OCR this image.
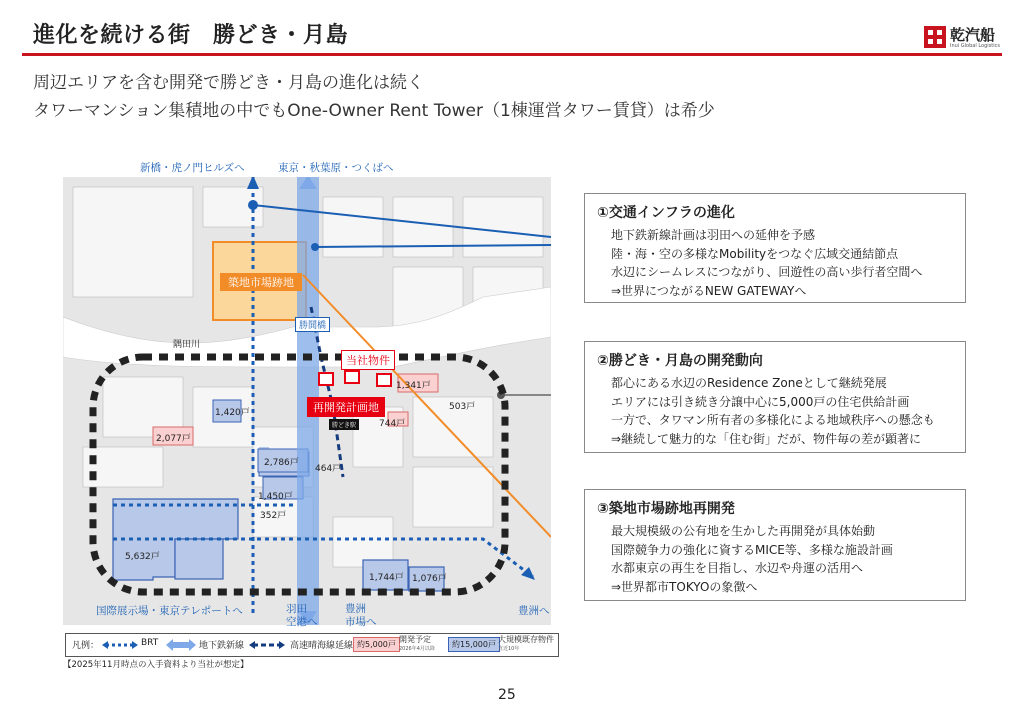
進化を続ける街　勝どき・月島	乾汽船
Inui Global Logistics
周辺エリアを含む開発で勝どき・月島の進化は続く
タワーマンション集積地の中でもOne-Owner Rent Tower（1棟運営タワー賃貸）は希少
新橋・虎ノ門ヒルズへ	東京・秋葉原・つくばへ
築地市場跡地
隅田川
勝鬨橋
当社物件
再開発計画地
勝どき駅
1,341戸
503戸
744戸
1,420戸
2,077戸
2,786戸
464戸
1,450戸
352戸
5,632戸
1,744戸 1,076戸
国際展示場・東京テレポートへ	羽田
空港へ
豊洲
市場へ
豊洲へ
①交通インフラの進化
地下鉄新線計画は羽田への延伸を予感
陸・海・空の多様なMobilityをつなぐ広域交通結節点
水辺にシームレスにつながり、回遊性の高い歩行者空間へ
⇒世界につながるNEW GATEWAYへ
②勝どき・月島の開発動向
都心にある水辺のResidence Zoneとして継続発展
エリアには引き続き分譲中心に5,000戸の住宅供給計画
一方で、タワマン所有者の多様化による地域秩序への懸念も
⇒継続して魅力的な「住む街」だが、物件毎の差が顕著に
③築地市場跡地再開発
最大規模級の公有地を生かした再開発が具体始動
国際競争力の強化に資するMICE等、多様な施設計画
水都東京の再生を目指し、水辺や舟運の活用へ
⇒世界都市TOKYOの象徴へ
凡例：	BRT	地下鉄新線	高速晴海線延線 約5,000戸
開発予定
2026年4月以降	約15,000戸
大規模既存物件
直近10年
【2025年11月時点の入手資料より当社が想定】
25
